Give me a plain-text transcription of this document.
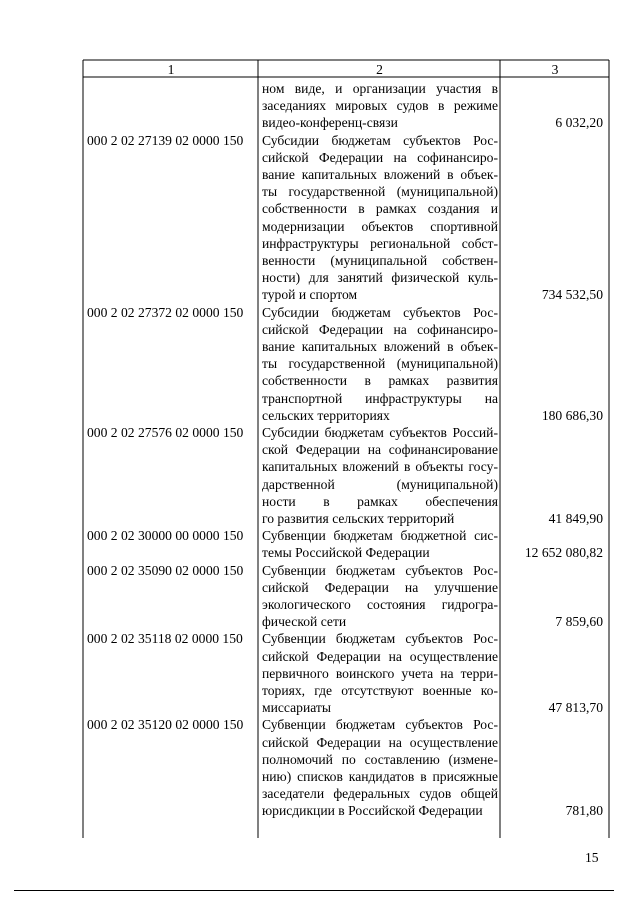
1	2	3
ном виде, и организации участия в
заседаниях мировых судов в режиме
видео-конференц-связи	6 032,20
000 2 02 27139 02 0000 150	Субсидии бюджетам субъектов Рос-
сийской Федерации на софинансиро-
вание капитальных вложений в объек-
ты государственной (муниципальной)
собственности в рамках создания и
модернизации объектов спортивной
инфраструктуры региональной собст-
венности (муниципальной собствен-
ности) для занятий физической куль-
турой и спортом	734 532,50
000 2 02 27372 02 0000 150	Субсидии бюджетам субъектов Рос-
сийской Федерации на софинансиро-
вание капитальных вложений в объек-
ты государственной (муниципальной)
собственности в рамках развития
транспортной инфраструктуры на
сельских территориях	180 686,30
000 2 02 27576 02 0000 150	Субсидии бюджетам субъектов Россий-
ской Федерации на софинансирование
капитальных вложений в объекты госу-
дарственной (муниципальной)
ности в рамках обеспечения
го развития сельских территорий	41 849,90
000 2 02 30000 00 0000 150	Субвенции бюджетам бюджетной сис-
темы Российской Федерации	12 652 080,82
000 2 02 35090 02 0000 150	Субвенции бюджетам субъектов Рос-
сийской Федерации на улучшение
экологического состояния гидрогра-
фической сети	7 859,60
000 2 02 35118 02 0000 150	Субвенции бюджетам субъектов Рос-
сийской Федерации на осуществление
первичного воинского учета на терри-
ториях, где отсутствуют военные ко-
миссариаты	47 813,70
000 2 02 35120 02 0000 150	Субвенции бюджетам субъектов Рос-
сийской Федерации на осуществление
полномочий по составлению (измене-
нию) списков кандидатов в присяжные
заседатели федеральных судов общей
юрисдикции в Российской Федерации	781,80
15
